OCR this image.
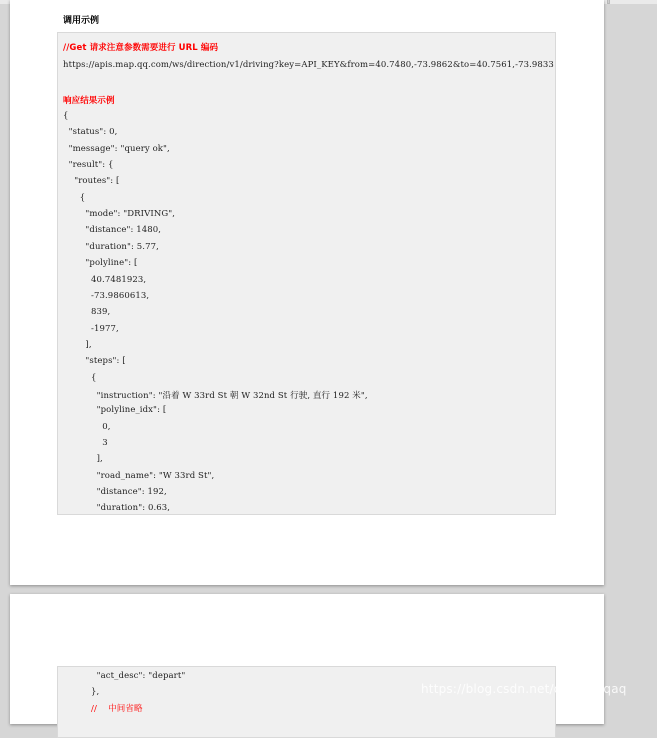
调用示例
//Get 请求注意参数需要进行 URL 编码
https://apis.map.qq.com/ws/direction/v1/driving?key=API_KEY&from=40.7480,-73.9862&to=40.7561,-73.9833
响应结果示例
{
"status": 0,
"message": "query ok",
"result": {
"routes": [
{
"mode": "DRIVING",
"distance": 1480,
"duration": 5.77,
"polyline": [
40.7481923,
-73.9860613,
839,
-1977,
],
"steps": [
{
"instruction": "沿着 W 33rd St 朝 W 32nd St 行驶, 直行 192 米",
"polyline_idx": [
0,
3
],
"road_name": "W 33rd St",
"distance": 192,
"duration": 0.63,
"act_desc": "depart"
},
//    中间省略
https://blog.csdn.net/qinyongqaq
